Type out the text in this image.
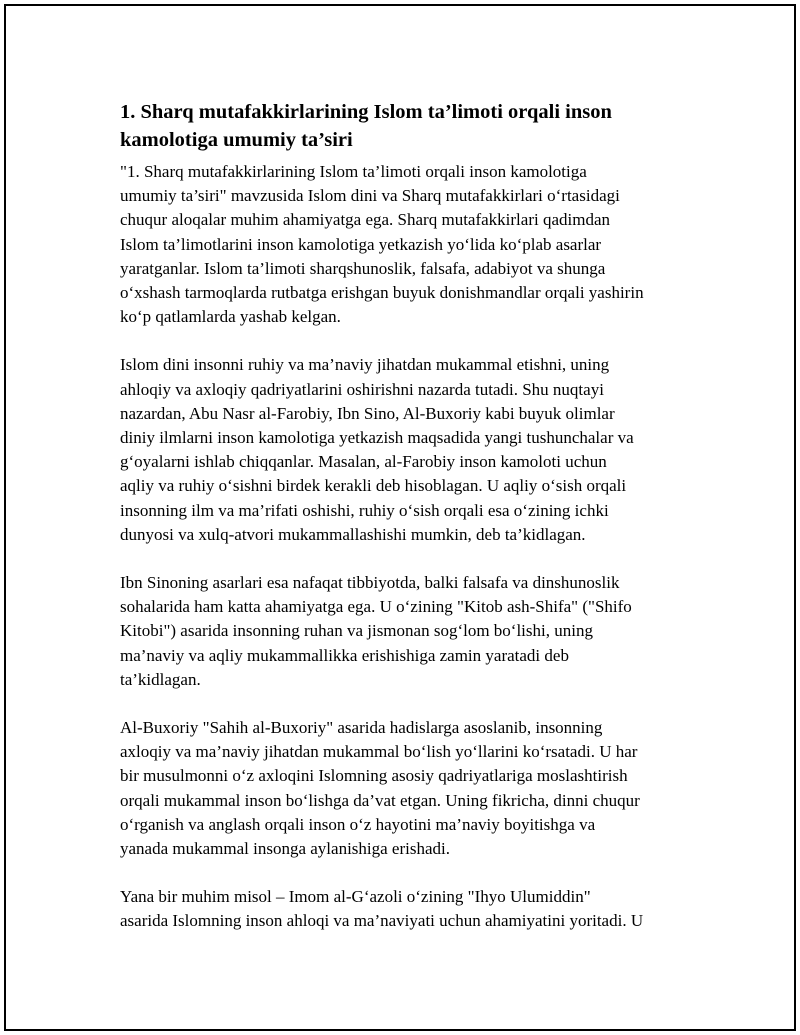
1. Sharq mutafakkirlarining Islom ta’limoti orqali inson
kamolotiga umumiy ta’siri

"1. Sharq mutafakkirlarining Islom ta’limoti orqali inson kamolotiga
umumiy ta’siri" mavzusida Islom dini va Sharq mutafakkirlari oʻrtasidagi
chuqur aloqalar muhim ahamiyatga ega. Sharq mutafakkirlari qadimdan
Islom ta’limotlarini inson kamolotiga yetkazish yoʻlida koʻplab asarlar
yaratganlar. Islom ta’limoti sharqshunoslik, falsafa, adabiyot va shunga
oʻxshash tarmoqlarda rutbatga erishgan buyuk donishmandlar orqali yashirin
koʻp qatlamlarda yashab kelgan.

Islom dini insonni ruhiy va ma’naviy jihatdan mukammal etishni, uning
ahloqiy va axloqiy qadriyatlarini oshirishni nazarda tutadi. Shu nuqtayi
nazardan, Abu Nasr al-Farobiy, Ibn Sino, Al-Buxoriy kabi buyuk olimlar
diniy ilmlarni inson kamolotiga yetkazish maqsadida yangi tushunchalar va
gʻoyalarni ishlab chiqqanlar. Masalan, al-Farobiy inson kamoloti uchun
aqliy va ruhiy oʻsishni birdek kerakli deb hisoblagan. U aqliy oʻsish orqali
insonning ilm va ma’rifati oshishi, ruhiy oʻsish orqali esa oʻzining ichki
dunyosi va xulq-atvori mukammallashishi mumkin, deb ta’kidlagan.

Ibn Sinoning asarlari esa nafaqat tibbiyotda, balki falsafa va dinshunoslik
sohalarida ham katta ahamiyatga ega. U oʻzining "Kitob ash-Shifa" ("Shifo
Kitobi") asarida insonning ruhan va jismonan sogʻlom boʻlishi, uning
ma’naviy va aqliy mukammallikka erishishiga zamin yaratadi deb
ta’kidlagan.

Al-Buxoriy "Sahih al-Buxoriy" asarida hadislarga asoslanib, insonning
axloqiy va ma’naviy jihatdan mukammal boʻlish yoʻllarini koʻrsatadi. U har
bir musulmonni oʻz axloqini Islomning asosiy qadriyatlariga moslashtirish
orqali mukammal inson boʻlishga da’vat etgan. Uning fikricha, dinni chuqur
oʻrganish va anglash orqali inson oʻz hayotini ma’naviy boyitishga va
yanada mukammal insonga aylanishiga erishadi.

Yana bir muhim misol – Imom al-Gʻazoli oʻzining "Ihyo Ulumiddin"
asarida Islomning inson ahloqi va ma’naviyati uchun ahamiyatini yoritadi. U
